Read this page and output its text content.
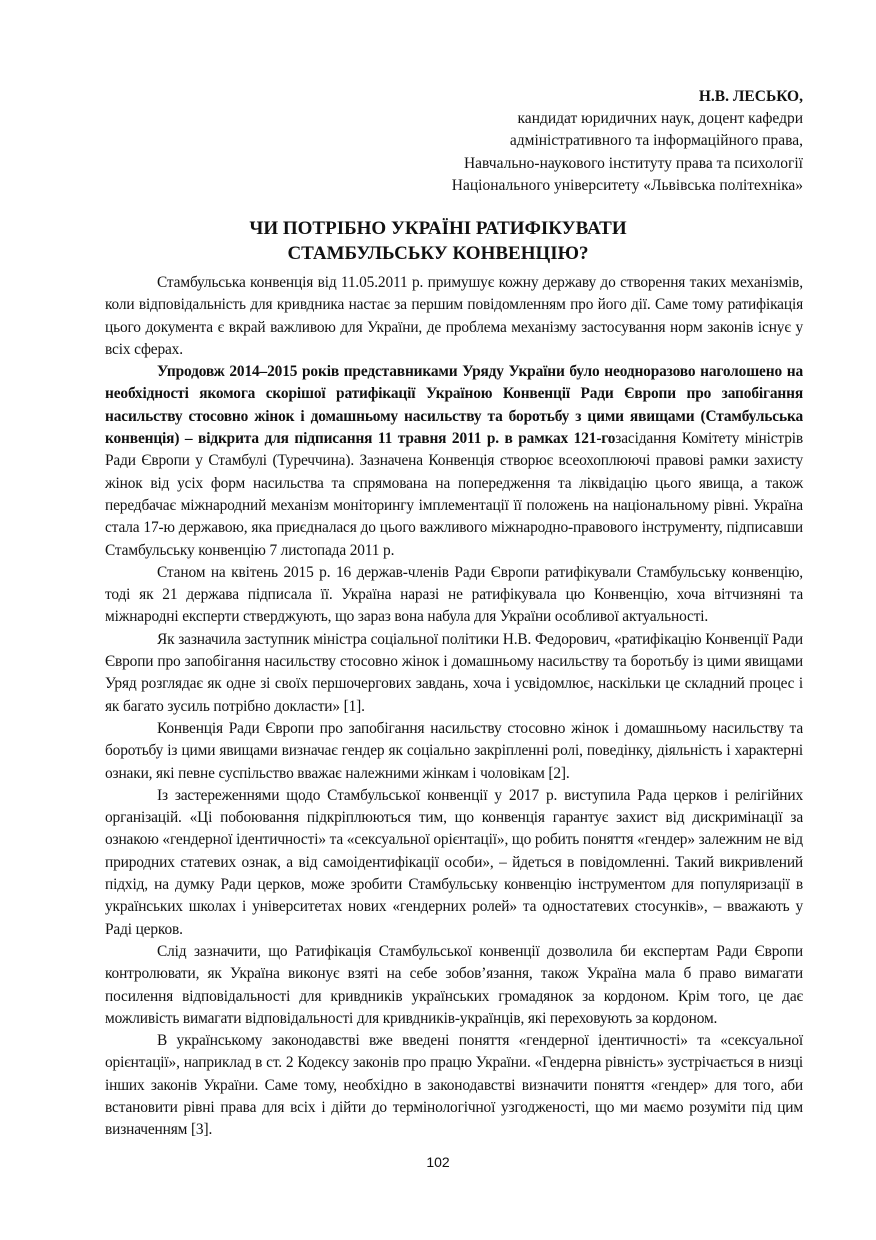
Н.В. ЛЕСЬКО,
кандидат юридичних наук, доцент кафедри
адміністративного та інформаційного права,
Навчально-наукового інституту права та психології
Національного університету «Львівська політехніка»
ЧИ ПОТРІБНО УКРАЇНІ РАТИФІКУВАТИ
СТАМБУЛЬСЬКУ КОНВЕНЦІЮ?

Стамбульська конвенція від 11.05.2011 р. примушує кожну державу до створення таких механізмів, коли відповідальність для кривдника настає за першим повідомленням про його дії. Саме тому ратифікація цього документа є вкрай важливою для України, де проблема механізму застосування норм законів існує у всіх сферах.

Упродовж 2014–2015 років представниками Уряду України було неодноразово наголошено на необхідності якомога скорішої ратифікації Україною Конвенції Ради Європи про запобігання насильству стосовно жінок і домашньому насильству та боротьбу з цими явищами (Стамбульська конвенція) – відкрита для підписання 11 травня 2011 р. в рамках 121-гозасідання Комітету міністрів Ради Європи у Стамбулі (Туреччина). Зазначена Конвенція створює всеохоплюючі правові рамки захисту жінок від усіх форм насильства та спрямована на попередження та ліквідацію цього явища, а також передбачає міжнародний механізм моніторингу імплементації її положень на національному рівні. Україна стала 17-ю державою, яка приєдналася до цього важливого міжнародно-правового інструменту, підписавши Стамбульську конвенцію 7 листопада 2011 р.

Станом на квітень 2015 р. 16 держав-членів Ради Європи ратифікували Стамбульську конвенцію, тоді як 21 держава підписала її. Україна наразі не ратифікувала цю Конвенцію, хоча вітчизняні та міжнародні експерти стверджують, що зараз вона набула для України особливої актуальності.

Як зазначила заступник міністра соціальної політики Н.В. Федорович, «ратифікацію Конвенції Ради Європи про запобігання насильству стосовно жінок і домашньому насильству та боротьбу із цими явищами Уряд розглядає як одне зі своїх першочергових завдань, хоча і усвідомлює, наскільки це складний процес і як багато зусиль потрібно докласти» [1].

Конвенція Ради Європи про запобігання насильству стосовно жінок і домашньому насильству та боротьбу із цими явищами визначає гендер як соціально закріпленні ролі, поведінку, діяльність і характерні ознаки, які певне суспільство вважає належними жінкам і чоловікам [2].

Із застереженнями щодо Стамбульської конвенції у 2017 р. виступила Рада церков і релігійних організацій. «Ці побоювання підкріплюються тим, що конвенція гарантує захист від дискримінації за ознакою «гендерної ідентичності» та «сексуальної орієнтації», що робить поняття «гендер» залежним не від природних статевих ознак, а від самоідентифікації особи», – йдеться в повідомленні. Такий викривлений підхід, на думку Ради церков, може зробити Стамбульську конвенцію інструментом для популяризації в українських школах і університетах нових «гендерних ролей» та одностатевих стосунків», – вважають у Раді церков.

Слід зазначити, що Ратифікація Стамбульської конвенції дозволила би експертам Ради Європи контролювати, як Україна виконує взяті на себе зобов’язання, також Україна мала б право вимагати посилення відповідальності для кривдників українських громадянок за кордоном. Крім того, це дає можливість вимагати відповідальності для кривдників-українців, які переховують за кордоном.

В українському законодавстві вже введені поняття «гендерної ідентичності» та «сексуальної орієнтації», наприклад в ст. 2 Кодексу законів про працю України. «Гендерна рівність» зустрічається в низці інших законів України. Саме тому, необхідно в законодавстві визначити поняття «гендер» для того, аби встановити рівні права для всіх і дійти до термінологічної узгодженості, що ми маємо розуміти під цим визначенням [3].

102
